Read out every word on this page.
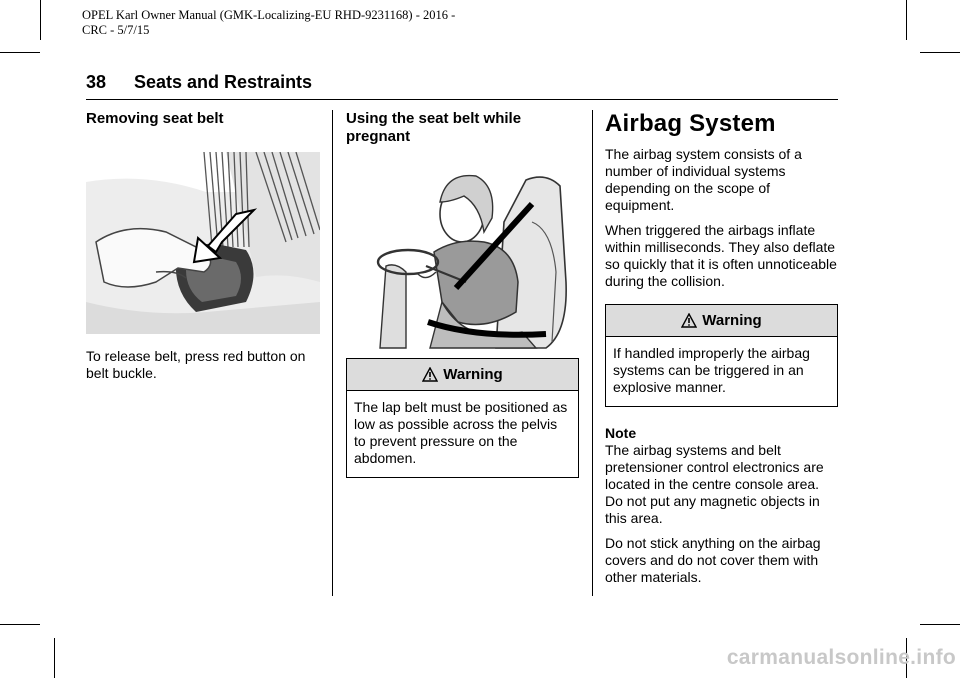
OPEL Karl Owner Manual (GMK-Localizing-EU RHD-9231168) - 2016 -
CRC - 5/7/15
38 Seats and Restraints
Removing seat belt

To release belt, press red button on belt buckle.

Using the seat belt while
pregnant
Warning
The lap belt must be positioned as low as possible across the pelvis to prevent pressure on the abdomen.
Airbag System

The airbag system consists of a number of individual systems depending on the scope of equipment.

When triggered the airbags inflate within milliseconds. They also deflate so quickly that it is often unnoticeable during the collision.

Warning
If handled improperly the airbag systems can be triggered in an explosive manner.
Note

The airbag systems and belt pretensioner control electronics are located in the centre console area. Do not put any magnetic objects in this area.

Do not stick anything on the airbag covers and do not cover them with other materials.

carmanualsonline.info
